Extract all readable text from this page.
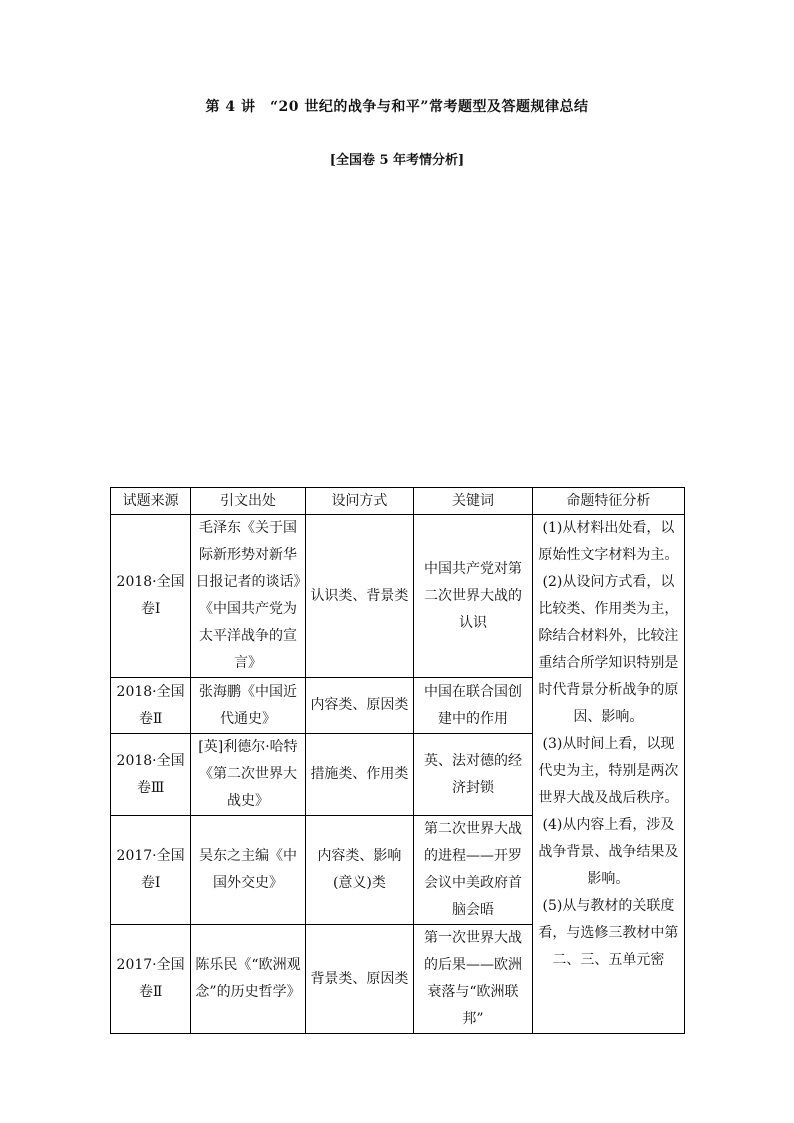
第 4 讲　“20 世纪的战争与和平”常考题型及答题规律总结
[全国卷 5 年考情分析]
试题来源	引文出处	设问方式	关键词	命题特征分析
2018·全国卷Ⅰ	毛泽东《关于国际新形势对新华日报记者的谈话》《中国共产党为太平洋战争的宣言》	认识类、背景类	中国共产党对第二次世界大战的认识	(1)从材料出处看，以原始性文字材料为主。

(2)从设问方式看，以比较类、作用类为主，除结合材料外，比较注重结合所学知识特别是时代背景分析战争的原因、影响。

(3)从时间上看，以现代史为主，特别是两次世界大战及战后秩序。

(4)从内容上看，涉及战争背景、战争结果及影响。

(5)从与教材的关联度看，与选修三教材中第二、三、五单元密

2018·全国卷Ⅱ	张海鹏《中国近代通史》	内容类、原因类	中国在联合国创建中的作用	
2018·全国卷Ⅲ	[英]利德尔·哈特《第二次世界大战史》	措施类、作用类	英、法对德的经济封锁	
2017·全国卷Ⅰ	吴东之主编《中国外交史》	内容类、影响(意义)类	第二次世界大战的进程——开罗会议中美政府首脑会晤	
2017·全国卷Ⅱ	陈乐民《“欧洲观念”的历史哲学》	背景类、原因类	第一次世界大战的后果——欧洲衰落与“欧洲联邦”	
